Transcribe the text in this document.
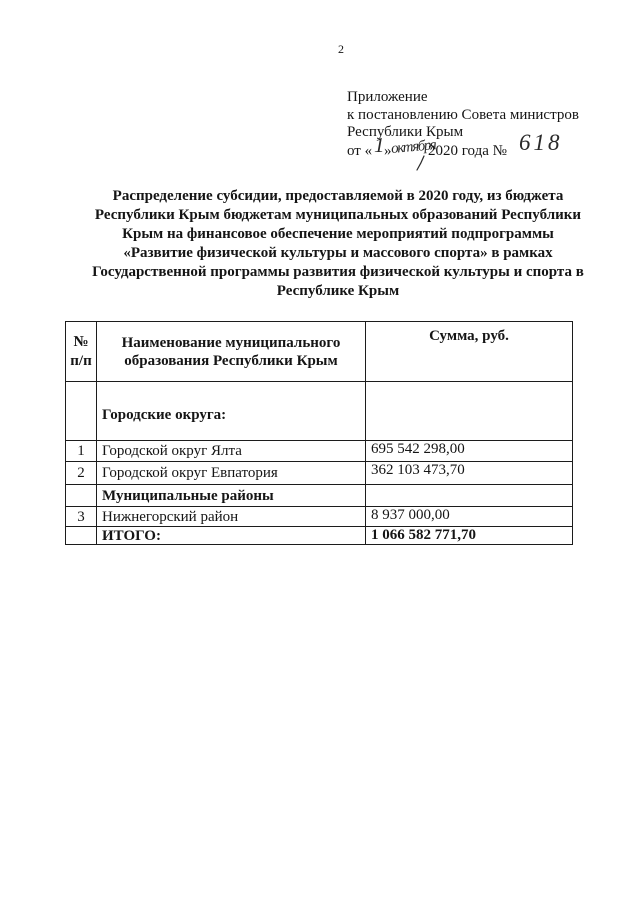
2
Приложение
к постановлению Совета министров
Республики Крым
от « 1 »
октября
2020 года № 618
Распределение субсидии, предоставляемой в 2020 году, из бюджета
Республики Крым бюджетам муниципальных образований Республики
Крым на финансовое обеспечение мероприятий подпрограммы
«Развитие физической культуры и массового спорта» в рамках
Государственной программы развития физической культуры и спорта в
Республике Крым
№ п/п	Наименование муниципального образования Республики Крым	Сумма, руб.
	Городские округа:	
1	Городской округ Ялта	695 542 298,00
2	Городской округ Евпатория	362 103 473,70
	Муниципальные районы	
3	Нижнегорский район	8 937 000,00
	ИТОГО:	1 066 582 771,70
